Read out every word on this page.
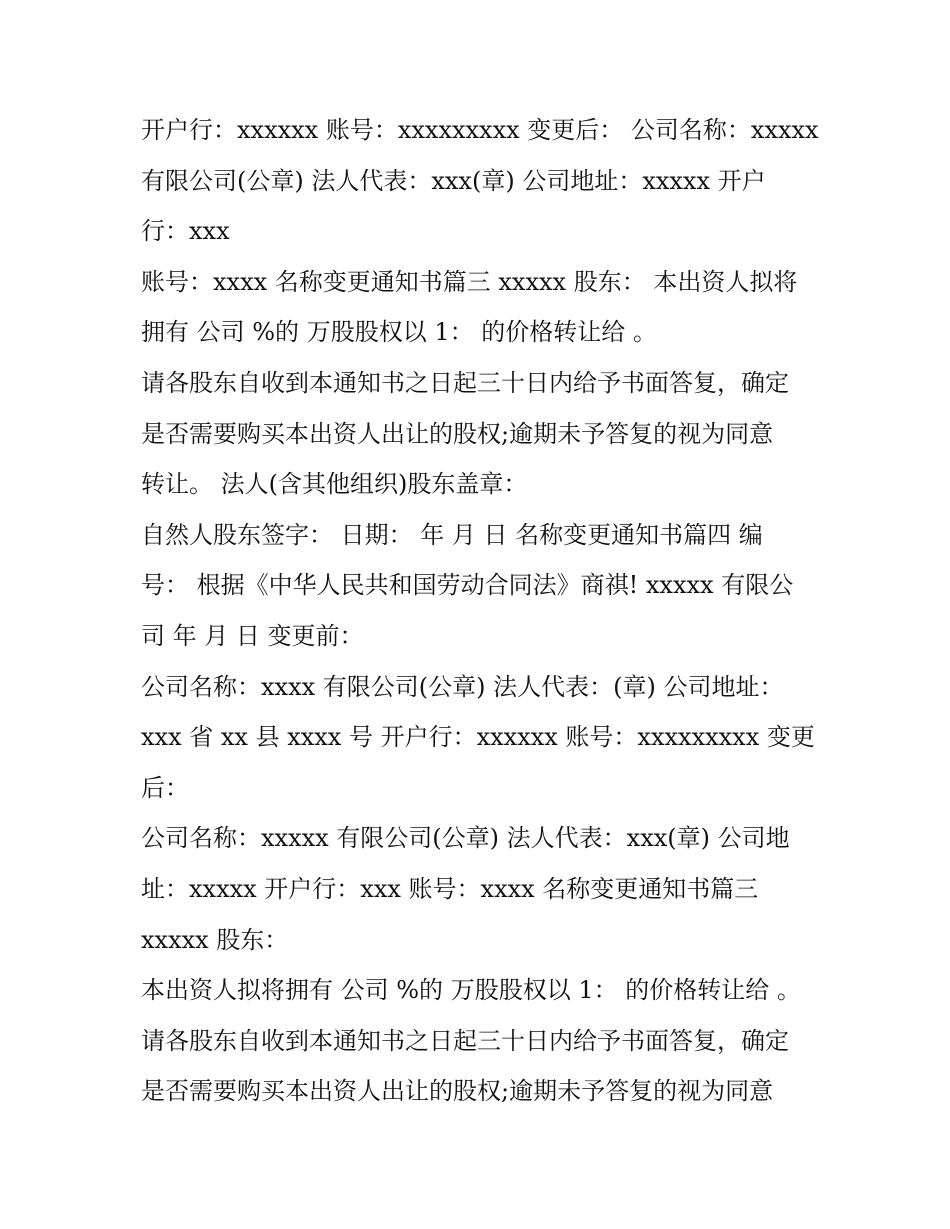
开户行：xxxxxx 账号：xxxxxxxxx 变更后： 公司名称：xxxxx
有限公司(公章) 法人代表：xxx(章) 公司地址：xxxxx 开户
行：xxx
账号：xxxx 名称变更通知书篇三 xxxxx 股东： 本出资人拟将
拥有 公司 %的 万股股权以 1： 的价格转让给 。
请各股东自收到本通知书之日起三十日内给予书面答复，确定
是否需要购买本出资人出让的股权;逾期未予答复的视为同意
转让。 法人(含其他组织)股东盖章：
自然人股东签字： 日期： 年 月 日 名称变更通知书篇四 编
号： 根据《中华人民共和国劳动合同法》商祺! xxxxx 有限公
司 年 月 日 变更前：
公司名称：xxxx 有限公司(公章) 法人代表：(章) 公司地址：
xxx 省 xx 县 xxxx 号 开户行：xxxxxx 账号：xxxxxxxxx 变更
后：
公司名称：xxxxx 有限公司(公章) 法人代表：xxx(章) 公司地
址：xxxxx 开户行：xxx 账号：xxxx 名称变更通知书篇三
xxxxx 股东：
本出资人拟将拥有 公司 %的 万股股权以 1： 的价格转让给 。
请各股东自收到本通知书之日起三十日内给予书面答复，确定
是否需要购买本出资人出让的股权;逾期未予答复的视为同意
